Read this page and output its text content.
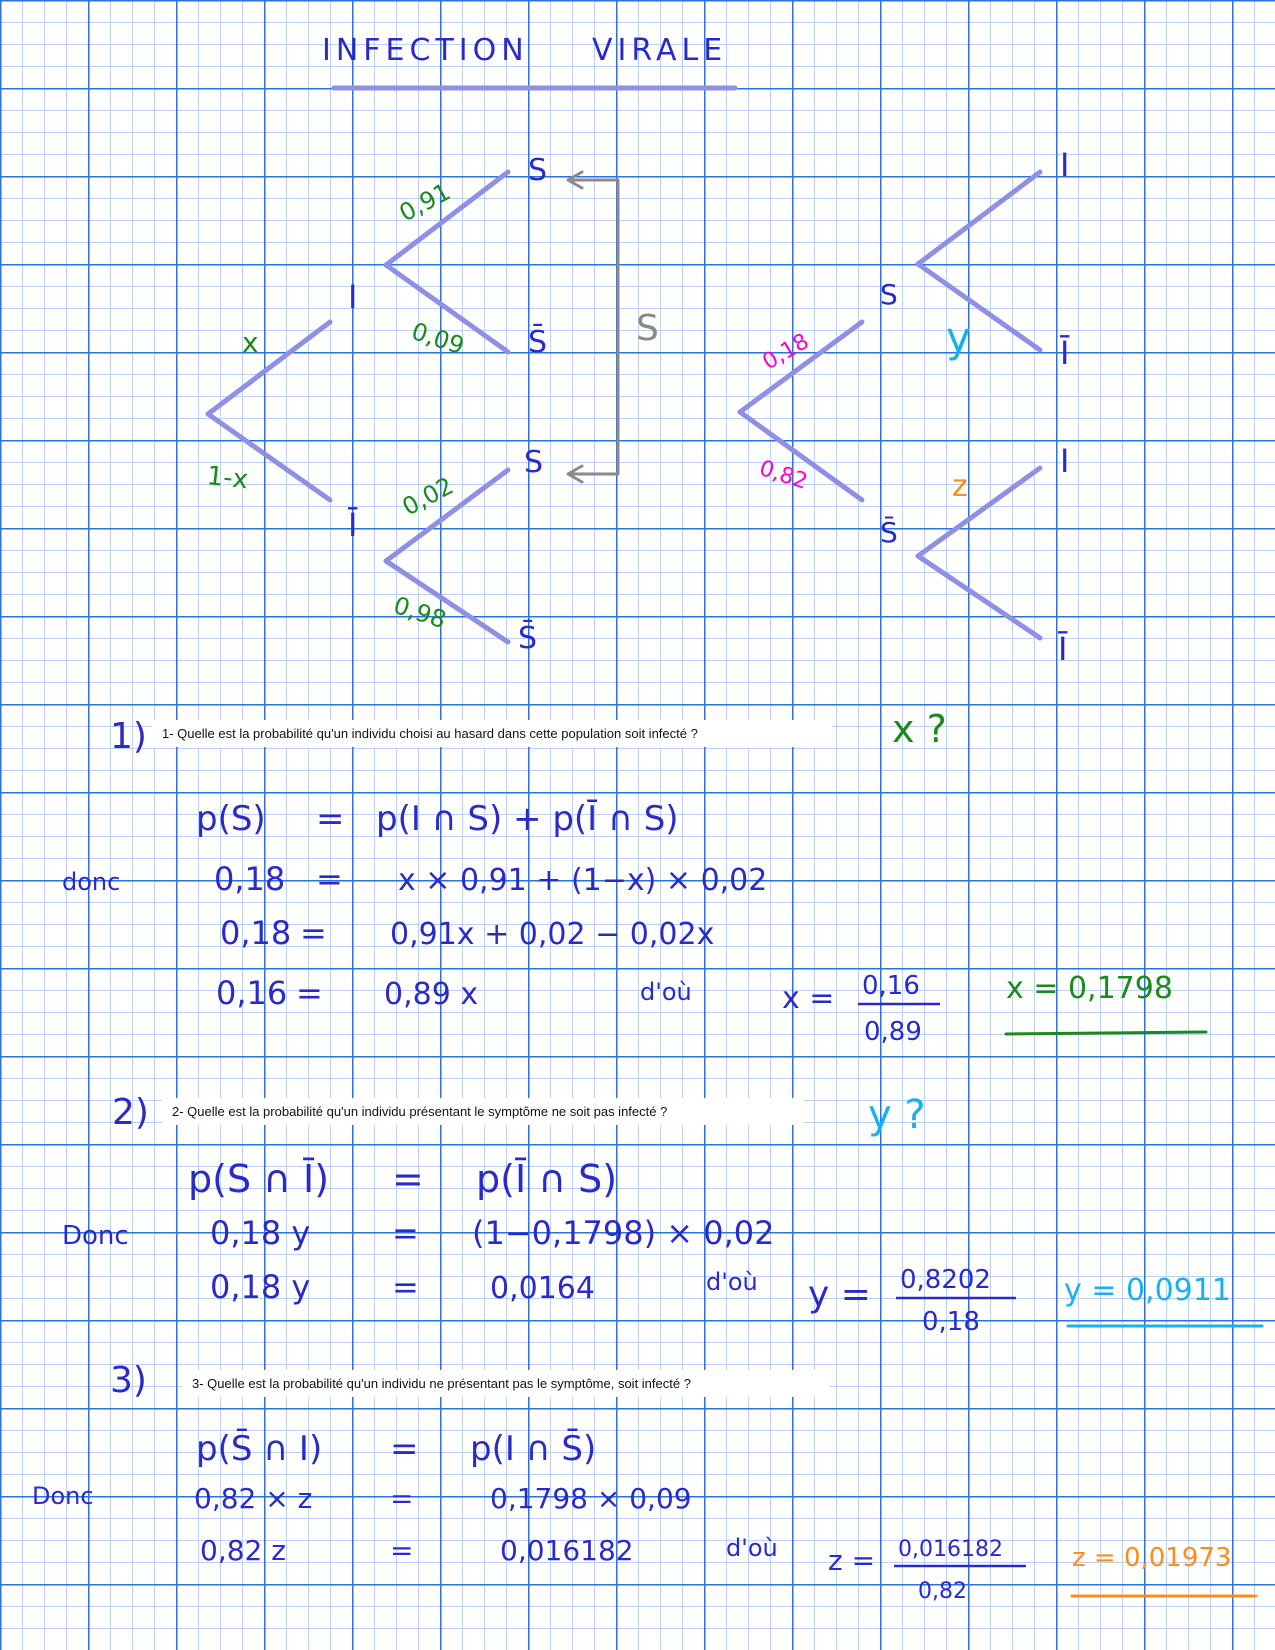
INFECTION VIRALE
I
Ī
S
S̄
S
S̄
x
1-x
0,91
0,09
0,02
0,98
S
S
S̄
I
Ī
I
Ī
0,18
0,82
y
z
1)	x ?
p(S) = p(I ∩ S) + p(Ī ∩ S)
donc	0,18 = x × 0,91 + (1−x) × 0,02
0,18 = 0,91x + 0,02 − 0,02x
0,16 = 0,89 x	d'où	x = 0,16
0,89
x = 0,1798
2)	y ?
p(S ∩ Ī) = p(Ī ∩ S)
Donc	0,18 y	= (1−0,1798) × 0,02
0,18 y	= 0,0164	d'où y = 0,8202
0,18
y = 0,0911
3)
p(S̄ ∩ I) = p(I ∩ S̄)
Donc	0,82 × z	=	0,1798 × 0,09
0,82 z	=	0,016182	d'où z = 0,016182
0,82
z = 0,01973
1- Quelle est la probabilité qu'un individu choisi au hasard dans cette population soit infecté ?
2- Quelle est la probabilité qu'un individu présentant le symptôme ne soit pas infecté ?
3- Quelle est la probabilité qu'un individu ne présentant pas le symptôme, soit infecté ?
